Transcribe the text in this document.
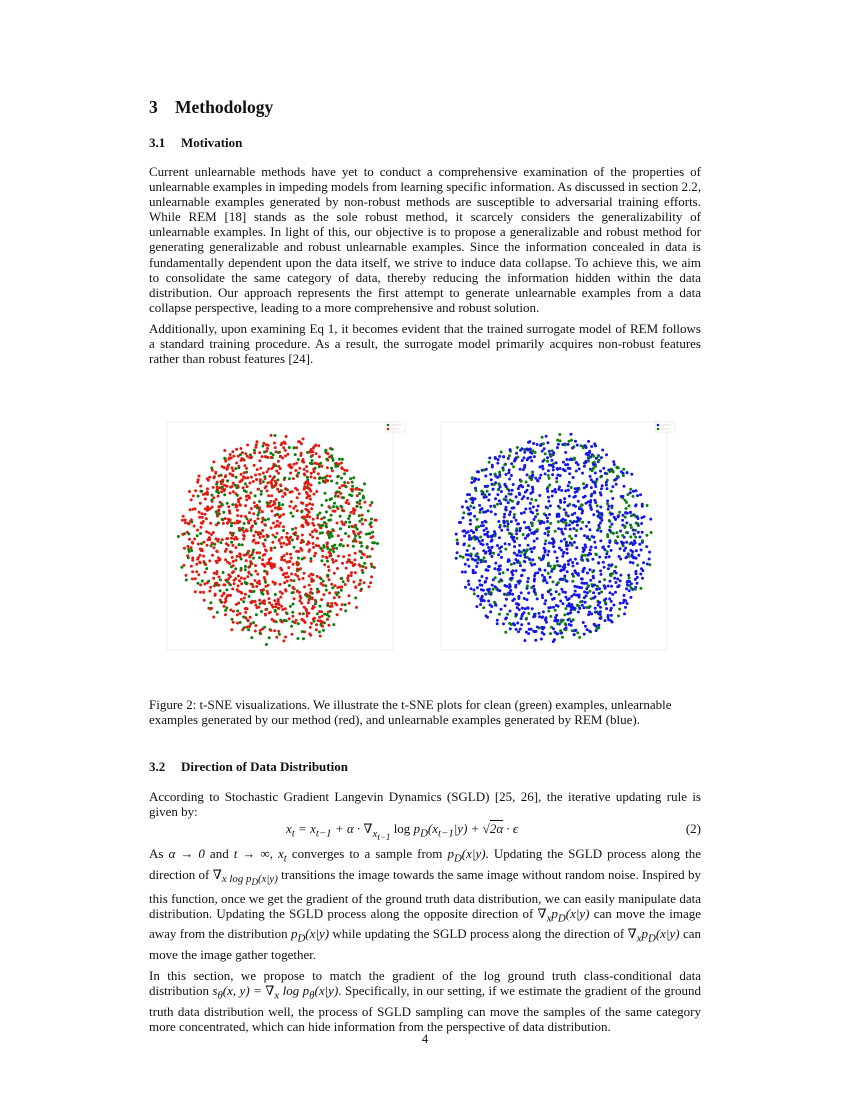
3 Methodology
3.1 Motivation

Current unlearnable methods have yet to conduct a comprehensive examination of the properties of unlearnable examples in impeding models from learning specific information. As discussed in section 2.2, unlearnable examples generated by non-robust methods are susceptible to adversarial training efforts. While REM [18] stands as the sole robust method, it scarcely considers the generalizability of unlearnable examples. In light of this, our objective is to propose a generalizable and robust method for generating generalizable and robust unlearnable examples. Since the information concealed in data is fundamentally dependent upon the data itself, we strive to induce data collapse. To achieve this, we aim to consolidate the same category of data, thereby reducing the information hidden within the data distribution. Our approach represents the first attempt to generate unlearnable examples from a data collapse perspective, leading to a more comprehensive and robust solution.

Additionally, upon examining Eq 1, it becomes evident that the trained surrogate model of REM follows a standard training procedure. As a result, the surrogate model primarily acquires non-robust features rather than robust features [24].

Figure 2: t-SNE visualizations. We illustrate the t-SNE plots for clean (green) examples, unlearnable examples generated by our method (red), and unlearnable examples generated by REM (blue).
3.2 Direction of Data Distribution

According to Stochastic Gradient Langevin Dynamics (SGLD) [25, 26], the iterative updating rule is given by:

$x_t = x_{t-1} + \alpha \cdot \nabla_{x_{t-1}}$ $\log p_D(x_{t-1}|y) + √2\alpha \cdot \epsilon$	(2)

As α → 0 and t → ∞, $x_t$ converges to a sample from $p_D(x|y)$. Updating the SGLD process along the direction of $\nabla_{x log p_D(x|y)}$ transitions the image towards the same image without random noise. Inspired by this function, once we get the gradient of the ground truth data distribution, we can easily manipulate data distribution. Updating the SGLD process along the opposite direction of $\nabla_xp_D(x|y)$ can move the image away from the distribution $p_D(x|y)$ while updating the SGLD process along the direction of $\nabla_xp_D(x|y)$ can move the image gather together.

In this section, we propose to match the gradient of the log ground truth class-conditional data distribution $s_\theta(x$, $y) = \nabla_x$ $\log p_\theta(x|y)$. Specifically, in our setting, if we estimate the gradient of the ground truth data distribution well, the process of SGLD sampling can move the samples of the same category more concentrated, which can hide information from the perspective of data distribution.

4
